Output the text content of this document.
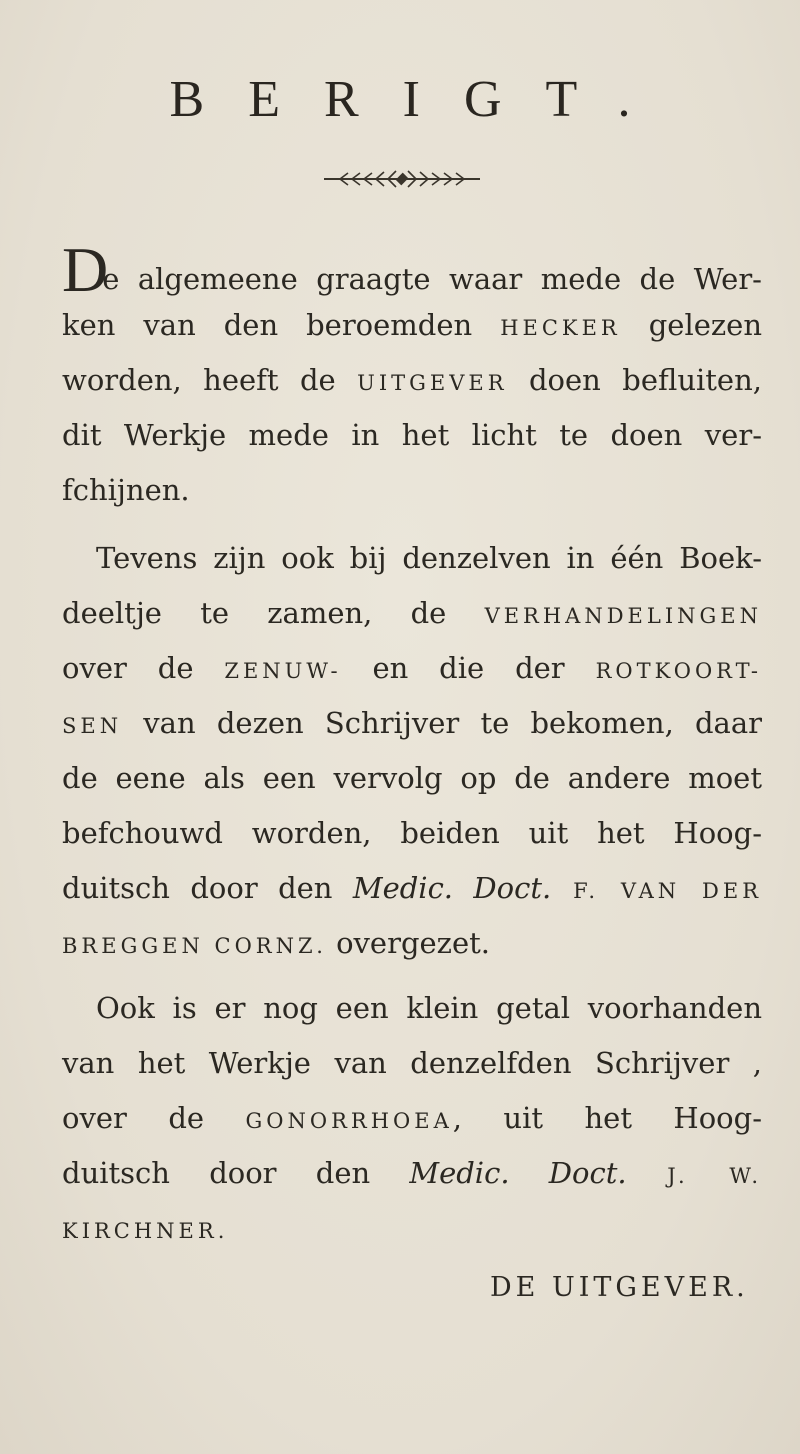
BERIGT.
De algemeene graagte waar mede de Wer-
ken van den beroemden HECKER gelezen
worden, heeft de UITGEVER doen befluiten,
dit Werkje mede in het licht te doen ver-
fchijnen.
Tevens zijn ook bij denzelven in één Boek-
deeltje te zamen, de VERHANDELINGEN
over de ZENUW- en die der ROTKOORT-
SEN van dezen Schrijver te bekomen, daar
de eene als een vervolg op de andere moet
befchouwd worden, beiden uit het Hoog-
duitsch door den Medic. Doct. F. VAN DER
BREGGEN CORNZ. overgezet.
Ook is er nog een klein getal voorhanden
van het Werkje van denzelfden Schrijver ,
over de GONORRHOEA, uit het Hoog-
duitsch door den Medic. Doct. J. W.
KIRCHNER.
DE UITGEVER.
